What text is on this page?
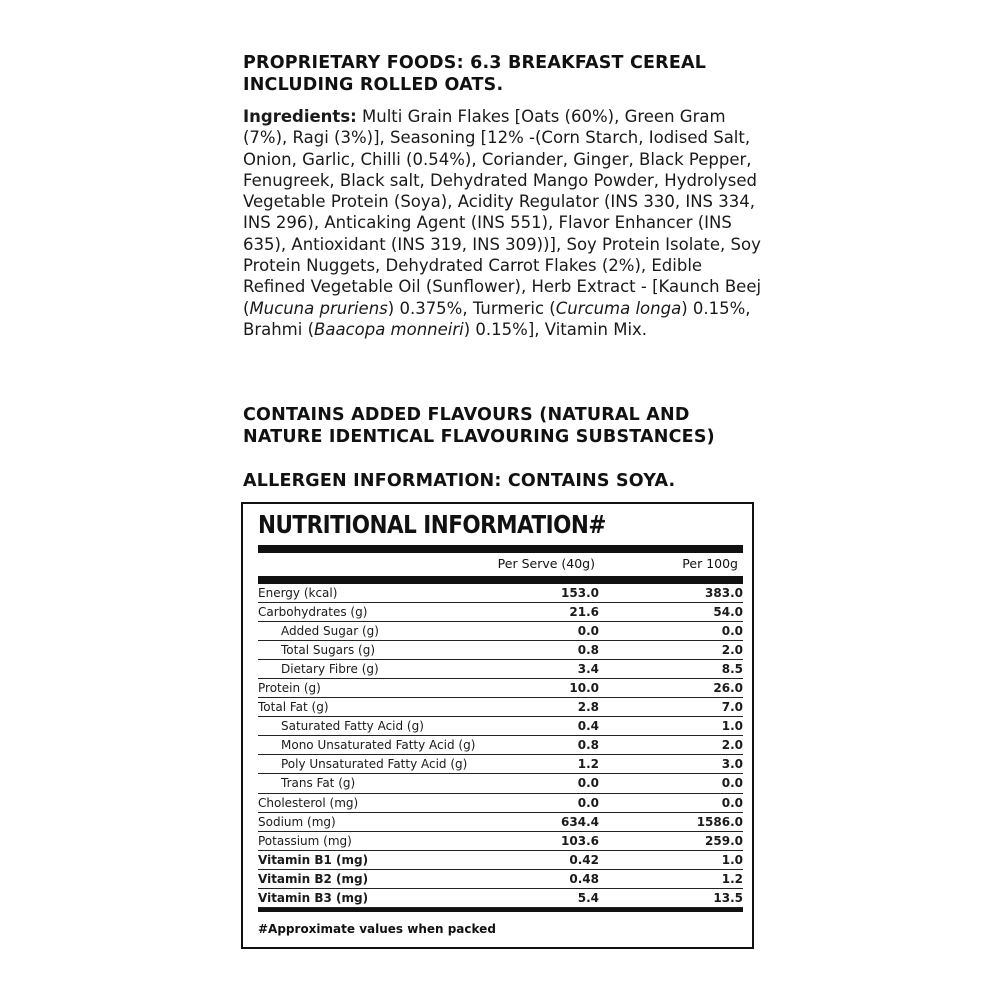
PROPRIETARY FOODS: 6.3 BREAKFAST CEREAL
INCLUDING ROLLED OATS.
Ingredients: Multi Grain Flakes [Oats (60%), Green Gram (7%), Ragi (3%)], Seasoning [12% -(Corn Starch, Iodised Salt, Onion, Garlic, Chilli (0.54%), Coriander, Ginger, Black Pepper, Fenugreek, Black salt, Dehydrated Mango Powder, Hydrolysed Vegetable Protein (Soya), Acidity Regulator (INS 330, INS 334, INS 296), Anticaking Agent (INS 551), Flavor Enhancer (INS 635), Antioxidant (INS 319, INS 309))], Soy Protein Isolate, Soy Protein Nuggets, Dehydrated Carrot Flakes (2%), Edible Refined Vegetable Oil (Sunflower), Herb Extract - [Kaunch Beej (Mucuna pruriens) 0.375%, Turmeric (Curcuma longa) 0.15%, Brahmi (Baacopa monneiri) 0.15%], Vitamin Mix.
CONTAINS ADDED FLAVOURS (NATURAL AND
NATURE IDENTICAL FLAVOURING SUBSTANCES)
ALLERGEN INFORMATION: CONTAINS SOYA.
NUTRITIONAL INFORMATION#
Per Serve (40g)	Per 100g
Energy (kcal)	153.0	383.0
Carbohydrates (g)	21.6	54.0
Added Sugar (g)	0.0	0.0
Total Sugars (g)	0.8	2.0
Dietary Fibre (g)	3.4	8.5
Protein (g)	10.0	26.0
Total Fat (g)	2.8	7.0
Saturated Fatty Acid (g)	0.4	1.0
Mono Unsaturated Fatty Acid (g)	0.8	2.0
Poly Unsaturated Fatty Acid (g)	1.2	3.0
Trans Fat (g)	0.0	0.0
Cholesterol (mg)	0.0	0.0
Sodium (mg)	634.4	1586.0
Potassium (mg)	103.6	259.0
Vitamin B1 (mg)	0.42	1.0
Vitamin B2 (mg)	0.48	1.2
Vitamin B3 (mg)	5.4	13.5
#Approximate values when packed
